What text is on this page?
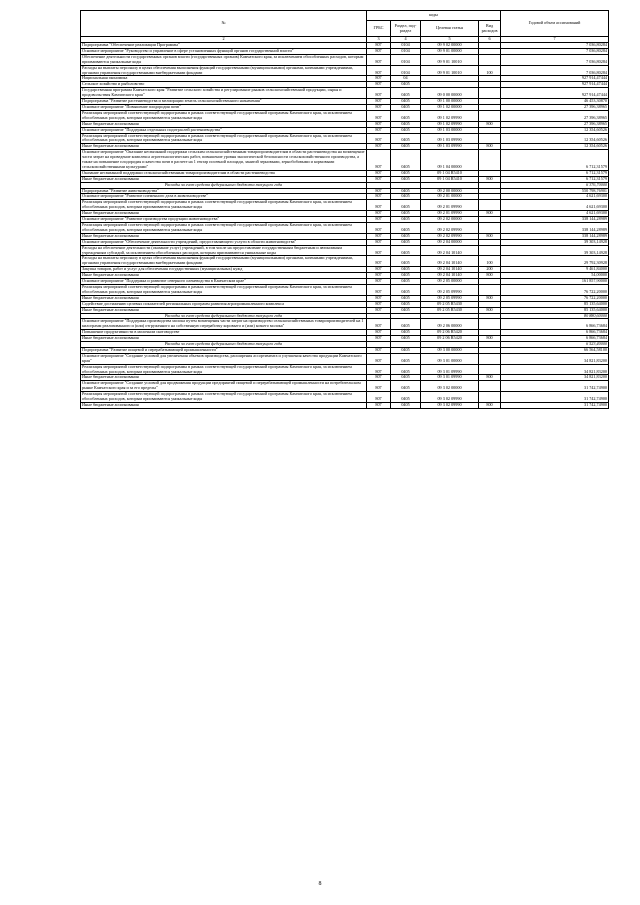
№	коды				Годовой объем ассигнований
	ГРБС	Раздел, под-раздел	Целевая статья	Вид расходов	
2	3	4	5	6	7
Подпрограмма "Обеспечение реализации Программы"	807	0104	09 9 02 00000		7 036,80284
Основное мероприятие "Руководство и управление в сфере установленных функций органов государственной власти"	807	0104	09 9 01 00000		7 036,80284
Обеспечение деятельности государственных органов власти (государственных органов) Камчатского края, за исключением обособленных расходов, которым присваиваются уникальные коды	807	0104	09 9 01 10010		7 036,80284
Расходы на выплаты персоналу в целях обеспечения выполнения функций государственными (муниципальными) органами, казенными учреждениями, органами управления государственными внебюджетными фондами	807	0104	09 9 01 10010	100	7 036,80284
Национальная экономика	807	04			927 914,47444
Сельское хозяйство и рыболовство	807	0405			927 914,47444
Государственная программа Камчатского края "Развитие сельского хозяйства и регулирование рынков сельскохозяйственной продукции, сырья и продовольствия Камчатского края"	807	0405	09 0 00 00000		927 914,47444
Подпрограмма "Развитие растениеводства и мелиорации земель сельскохозяйственного назначения"	807	0405	09 1 00 00000		46 453,30870
Основное мероприятие "Повышение плодородия почв"	807	0405	09 1 02 00000		27 396,38965
Реализация мероприятий соответствующей подпрограммы в рамках соответствующей государственной программы Камчатского края, за исключением обособленных расходов, которым присваиваются уникальные коды	807	0405	09 1 02 09990		27 396,38965
Иные бюджетные ассигнования	807	0405	09 1 02 09990	800	27 396,38965
Основное мероприятие "Поддержка отдельных подотраслей растениеводства"	807	0405	09 1 03 00000		12 354,60526
Реализация мероприятий соответствующей подпрограммы в рамках соответствующей государственной программы Камчатского края, за исключением обособленных расходов, которым присваиваются уникальные коды	807	0405	09 1 03 09990		12 354,60526
Иные бюджетные ассигнования	807	0405	09 1 03 09990	800	12 354,60526
Основное мероприятие "Оказание несвязанной поддержки сельским сельскохозяйственным товаропроизводителям в области растениеводства на возмещение части затрат на проведение комплекса агротехнологических работ, повышение уровня экологической безопасности сельскохозяйственного производства, а также на повышение плодородия и качества почв в расчете на 1 гектар посевной площади, занятой зерновыми, зернобобовыми и кормовыми сельскохозяйственными культурами"	807	0405	09 1 04 00000		6 712,31579
Оказание несвязанной поддержки сельскохозяйственным товаропроизводителям в области растениеводства	807	0405	09 1 04 R5410		6 712,31579
Иные бюджетные ассигнования	807	0405	09 1 04 R5410	800	6 712,31579
Расходы за счет средств федерального бюджета текущего года					6 376,70000
Подпрограмма "Развитие животноводства"	807	0405	09 2 00 00000		550 798,76901
Основное мероприятие "Развитие племенного дела в животноводстве"	807	0405	09 2 01 00000		4 621,69300
Реализация мероприятий соответствующей подпрограммы в рамках соответствующей государственной программы Камчатского края, за исключением обособленных расходов, которым присваиваются уникальные коды	807	0405	09 2 01 09990		4 621,69300
Иные бюджетные ассигнования	807	0405	09 2 01 09990	800	4 621,69300
Основное мероприятие "Развитие производства продукции животноводства"	807	0405	09 2 02 00000		338 144,28989
Реализация мероприятий соответствующей подпрограммы в рамках соответствующей государственной программы Камчатского края, за исключением обособленных расходов, которым присваиваются уникальные коды	807	0405	09 2 02 09990		338 144,28989
Иные бюджетные ассигнования	807	0405	09 2 02 09990	800	338 144,28989
Основное мероприятие "Обеспечение деятельности учреждений, предоставляющего услуги в области животноводства"	807	0405	09 2 04 00000		39 303,14928
Расходы на обеспечение деятельности (оказание услуг) учреждений, в том числе на предоставление государственным бюджетным и автономным учреждениям субсидий, за исключением обособленных расходов, которым присваиваются уникальные коды	807	0405	09 2 04 10140		39 303,14928
Расходы на выплаты персоналу в целях обеспечения выполнения функций государственными (муниципальными) органами, казенными учреждениями, органами управления государственными внебюджетными фондами	807	0405	09 2 04 10140	100	29 792,30928
Закупка товаров, работ и услуг для обеспечения государственных (муниципальных) нужд	807	0405	09 2 04 10140	200	9 461,84000
Иные бюджетные ассигнования	807	0405	09 2 04 10140	800	54,00000
Основное мероприятие "Поддержка и развитие северного оленеводства в Камчатском крае"	807	0405	09 2 05 00000		161 857,90000
Реализация мероприятий соответствующей подпрограммы в рамках соответствующей государственной программы Камчатского края, за исключением обособленных расходов, которым присваиваются уникальные коды	807	0405	09 2 05 09990		76 722,20000
Иные бюджетные ассигнования	807	0405	09 2 05 09990	800	76 722,20000
Содействие достижению целевых показателей региональных программ развития агропромышленного комплекса	807	0405	09 2 05 R5430		85 135,64000
Иные бюджетные ассигнования	807	0405	09 2 05 R5430	800	85 135,64000
Расходы за счет средств федерального бюджета текущего года					80 880,60000
Основное мероприятие "Поддержка производства молока путем возмещения части затрат на производство сельскохозяйственных товаропроизводителей на 1 килограмм реализованного и (или) отгруженного на собственную переработку коровьего и (или) козьего молока"	807	0405	09 2 06 00000		6 866,73684
Повышение продуктивности в молочном скотоводстве	807	0405	09 2 06 R5420		6 866,73684
Иные бюджетные ассигнования	807	0405	09 2 06 R5420	800	6 866,73684
Расходы за счет средств федерального бюджета текущего года					6 523,40000
Подпрограмма "Развитие пищевой и перерабатывающей промышленности"	807	0405	09 3 00 00000		66 564,58100
Основное мероприятие "Создание условий для увеличения объемов производства, расширения ассортимента и улучшения качества продукции Камчатского края"	807	0405	09 3 01 00000		34 821,83200
Реализация мероприятий соответствующей подпрограммы в рамках соответствующей государственной программы Камчатского края, за исключением обособленных расходов, которым присваиваются уникальные коды	807	0405	09 3 01 09990		34 821,83200
Иные бюджетные ассигнования	807	0405	09 3 01 09990	800	34 821,83200
Основное мероприятие "Создание условий для продвижения продукции предприятий пищевой и перерабатывающей промышленности на потребительском рынке Камчатского края и за его пределы"	807	0405	09 3 02 00000		31 742,74900
Реализация мероприятий соответствующей подпрограммы в рамках соответствующей государственной программы Камчатского края, за исключением обособленных расходов, которым присваиваются уникальные коды	807	0405	09 3 02 09990		31 742,74900
Иные бюджетные ассигнования	807	0405	09 3 02 09990	800	31 742,74900
8
